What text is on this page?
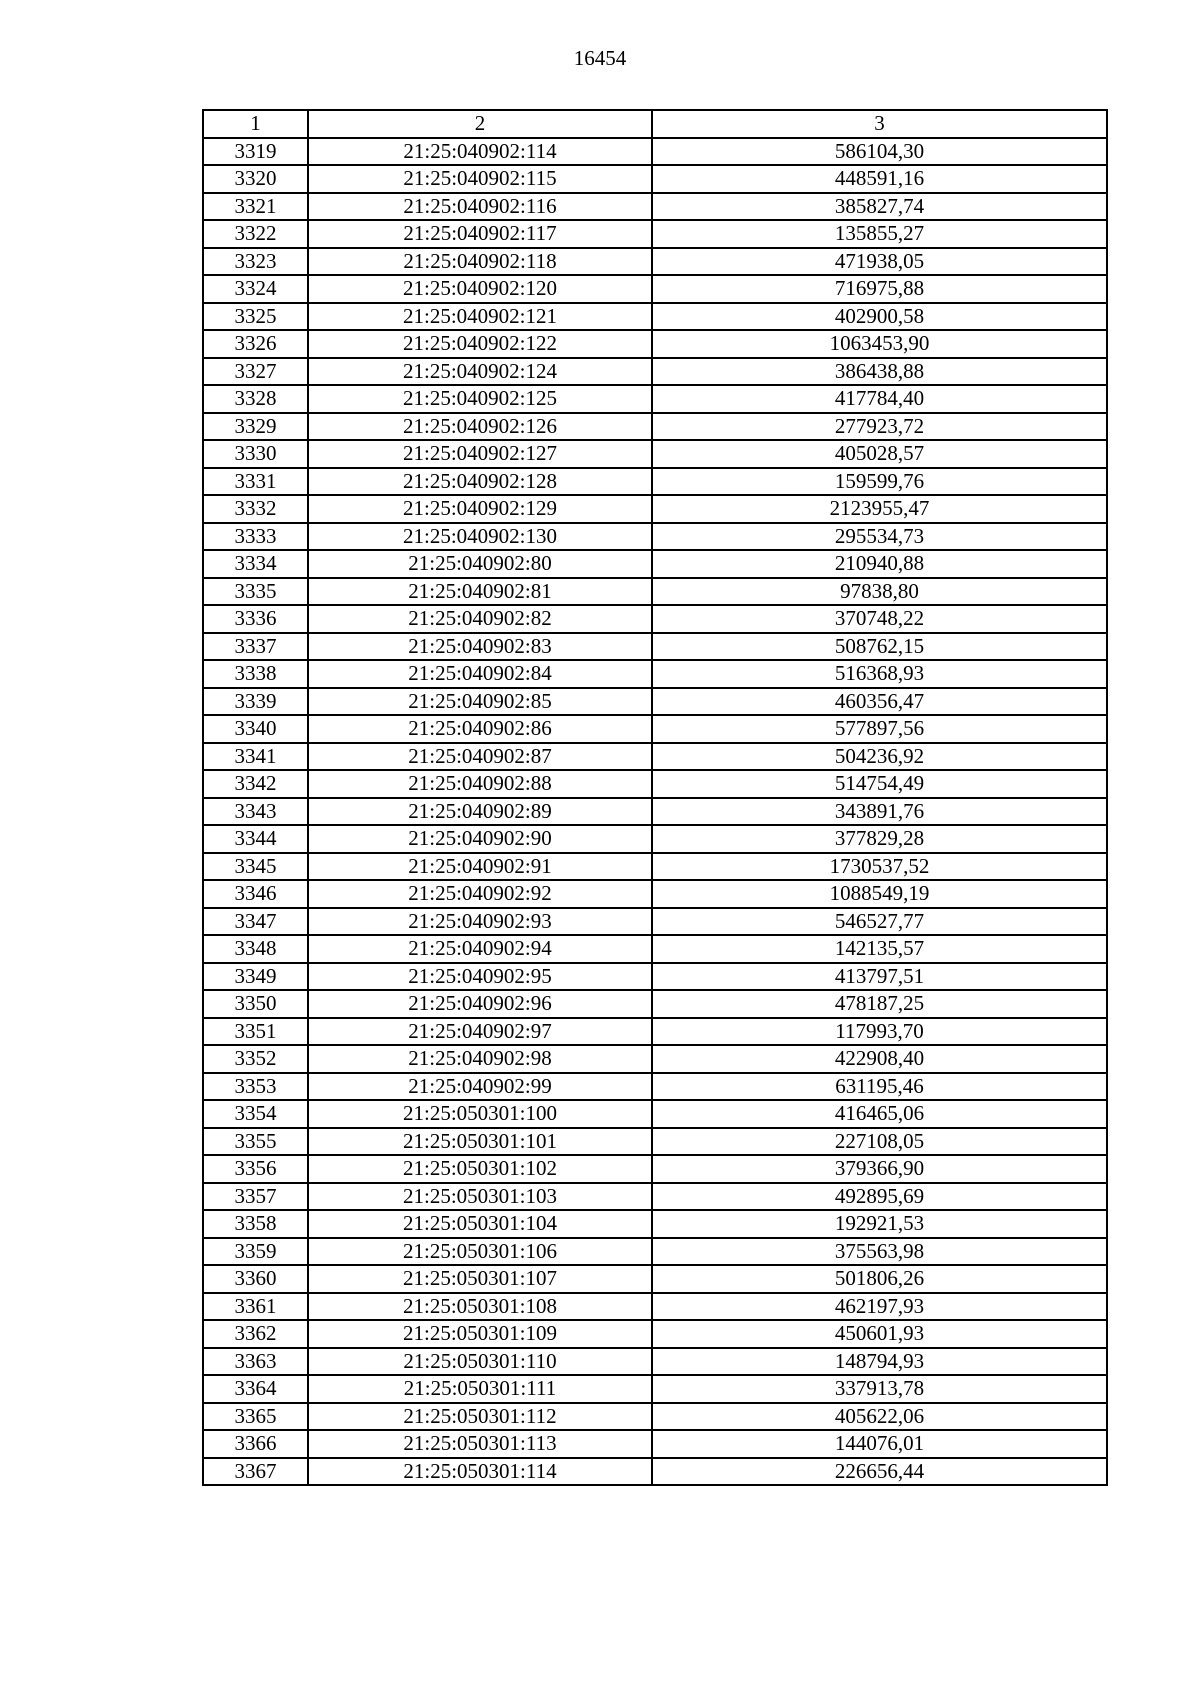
16454
1	2	3
3319	21:25:040902:114	586104,30
3320	21:25:040902:115	448591,16
3321	21:25:040902:116	385827,74
3322	21:25:040902:117	135855,27
3323	21:25:040902:118	471938,05
3324	21:25:040902:120	716975,88
3325	21:25:040902:121	402900,58
3326	21:25:040902:122	1063453,90
3327	21:25:040902:124	386438,88
3328	21:25:040902:125	417784,40
3329	21:25:040902:126	277923,72
3330	21:25:040902:127	405028,57
3331	21:25:040902:128	159599,76
3332	21:25:040902:129	2123955,47
3333	21:25:040902:130	295534,73
3334	21:25:040902:80	210940,88
3335	21:25:040902:81	97838,80
3336	21:25:040902:82	370748,22
3337	21:25:040902:83	508762,15
3338	21:25:040902:84	516368,93
3339	21:25:040902:85	460356,47
3340	21:25:040902:86	577897,56
3341	21:25:040902:87	504236,92
3342	21:25:040902:88	514754,49
3343	21:25:040902:89	343891,76
3344	21:25:040902:90	377829,28
3345	21:25:040902:91	1730537,52
3346	21:25:040902:92	1088549,19
3347	21:25:040902:93	546527,77
3348	21:25:040902:94	142135,57
3349	21:25:040902:95	413797,51
3350	21:25:040902:96	478187,25
3351	21:25:040902:97	117993,70
3352	21:25:040902:98	422908,40
3353	21:25:040902:99	631195,46
3354	21:25:050301:100	416465,06
3355	21:25:050301:101	227108,05
3356	21:25:050301:102	379366,90
3357	21:25:050301:103	492895,69
3358	21:25:050301:104	192921,53
3359	21:25:050301:106	375563,98
3360	21:25:050301:107	501806,26
3361	21:25:050301:108	462197,93
3362	21:25:050301:109	450601,93
3363	21:25:050301:110	148794,93
3364	21:25:050301:111	337913,78
3365	21:25:050301:112	405622,06
3366	21:25:050301:113	144076,01
3367	21:25:050301:114	226656,44
